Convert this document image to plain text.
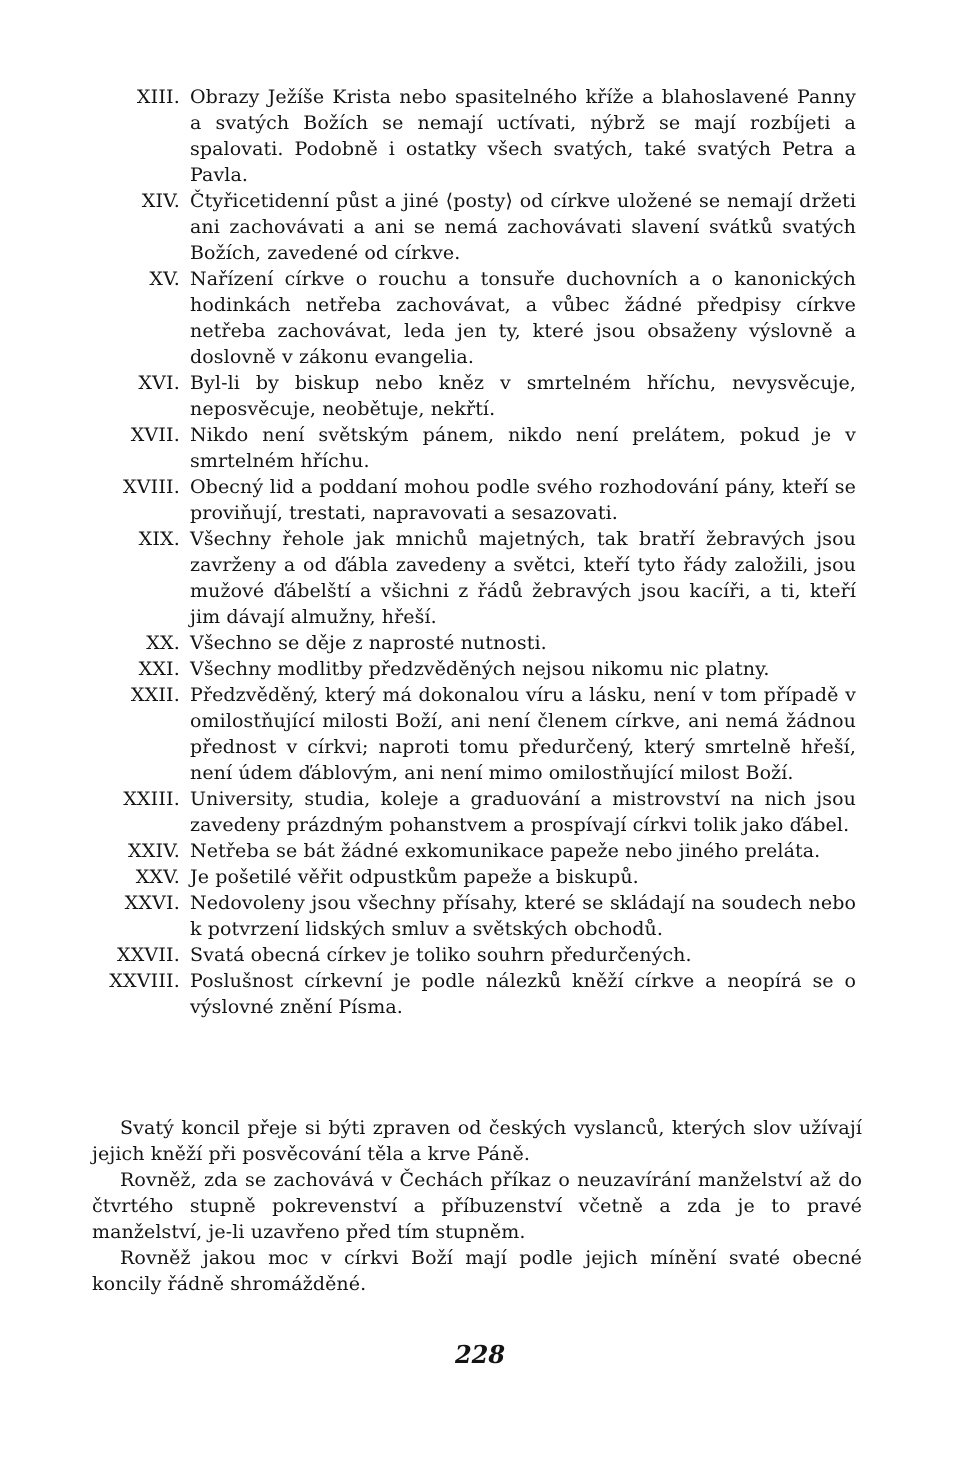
XIII. Obrazy Ježíše Krista nebo spasitelného kříže a blahoslavené Panny a svatých Božích se nemají uctívati, nýbrž se mají rozbíjeti a spalovati. Podobně i ostatky všech svatých, také svatých Petra a Pavla.
XIV. Čtyřicetidenní půst a jiné ⟨posty⟩ od církve uložené se nemají držeti ani zachovávati a ani se nemá zachovávati slavení svátků svatých Božích, zavedené od církve.
XV. Nařízení církve o rouchu a tonsuře duchovních a o kanonických hodinkách netřeba zachovávat, a vůbec žádné předpisy církve netřeba zachovávat, leda jen ty, které jsou obsaženy výslovně a doslovně v zákonu evangelia.
XVI. Byl-li by biskup nebo kněz v smrtelném hříchu, nevysvěcuje, neposvěcuje, neobětuje, nekřtí.
XVII. Nikdo není světským pánem, nikdo není prelátem, pokud je v smrtelném hříchu.
XVIII. Obecný lid a poddaní mohou podle svého rozhodování pány, kteří se proviňují, trestati, napravovati a sesazovati.
XIX. Všechny řehole jak mnichů majetných, tak bratří žebravých jsou zavrženy a od ďábla zavedeny a světci, kteří tyto řády založili, jsou mužové ďábelští a všichni z řádů žebravých jsou kacíři, a ti, kteří jim dávají almužny, hřeší.
XX. Všechno se děje z naprosté nutnosti.
XXI. Všechny modlitby předzvěděných nejsou nikomu nic platny.
XXII. Předzvěděný, který má dokonalou víru a lásku, není v tom případě v omilostňující milosti Boží, ani není členem církve, ani nemá žádnou přednost v církvi; naproti tomu předurčený, který smrtelně hřeší, není údem ďáblovým, ani není mimo omilostňující milost Boží.
XXIII. University, studia, koleje a graduování a mistrovství na nich jsou zavedeny prázdným pohanstvem a prospívají církvi tolik jako ďábel.
XXIV. Netřeba se bát žádné exkomunikace papeže nebo jiného preláta.
XXV. Je pošetilé věřit odpustkům papeže a biskupů.
XXVI. Nedovoleny jsou všechny přísahy, které se skládají na soudech nebo k potvrzení lidských smluv a světských obchodů.
XXVII. Svatá obecná církev je toliko souhrn předurčených.
XXVIII. Poslušnost církevní je podle nálezků kněží církve a neopírá se o výslovné znění Písma.

Svatý koncil přeje si býti zpraven od českých vyslanců, kterých slov užívají jejich kněží při posvěcování těla a krve Páně.

Rovněž, zda se zachovává v Čechách příkaz o neuzavírání manželství až do čtvrtého stupně pokrevenství a příbuzenství včetně a zda je to pravé manželství, je-li uzavřeno před tím stupněm.

Rovněž jakou moc v církvi Boží mají podle jejich mínění svaté obecné koncily řádně shromážděné.

228
